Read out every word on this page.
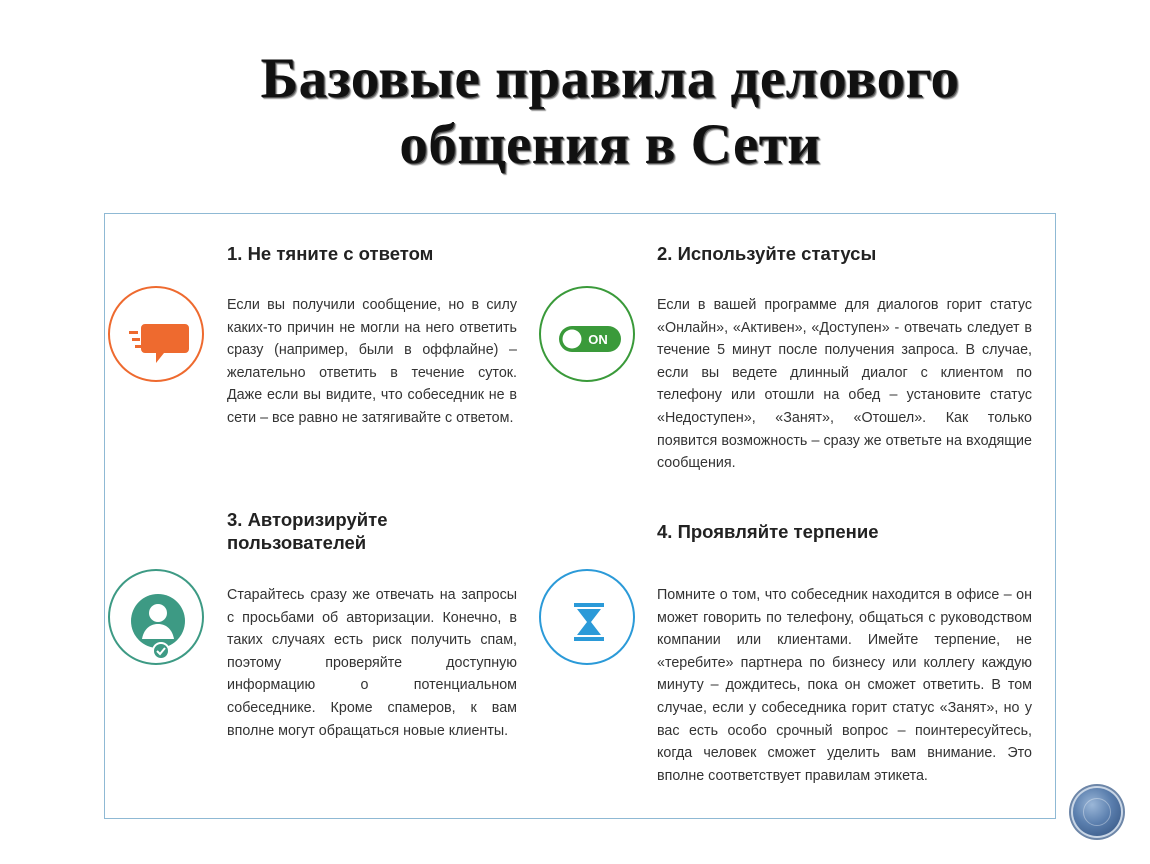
Базовые правила делового
общения в Сети
1. Не тяните с ответом
Если вы получили сообщение, но в силу каких-то причин не могли на него ответить сразу (например, были в оффлайне) – желательно ответить в течение суток. Даже если вы видите, что собеседник не в сети – все равно не затягивайте с ответом.
ON
2. Используйте статусы
Если в вашей программе для диалогов горит статус «Онлайн», «Активен», «Доступен» - отвечать следует в течение 5 минут после получения запроса. В случае, если вы ведете длинный диалог с клиентом по телефону или отошли на обед – установите статус «Недоступен», «Занят», «Отошел». Как только появится возможность – сразу же ответьте на входящие сообщения.
3. Авторизируйте
пользователей
Старайтесь сразу же отвечать на запросы с просьбами об авторизации. Конечно, в таких случаях есть риск получить спам, поэтому проверяйте доступную информацию о потенциальном собеседнике. Кроме спамеров, к вам вполне могут обращаться новые клиенты.
4. Проявляйте терпение
Помните о том, что собеседник находится в офисе – он может говорить по телефону, общаться с руководством компании или клиентами. Имейте терпение, не «теребите» партнера по бизнесу или коллегу каждую минуту – дождитесь, пока он сможет ответить. В том случае, если у собеседника горит статус «Занят», но у вас есть особо срочный вопрос – поинтересуйтесь, когда человек сможет уделить вам внимание. Это вполне соответствует правилам этикета.
